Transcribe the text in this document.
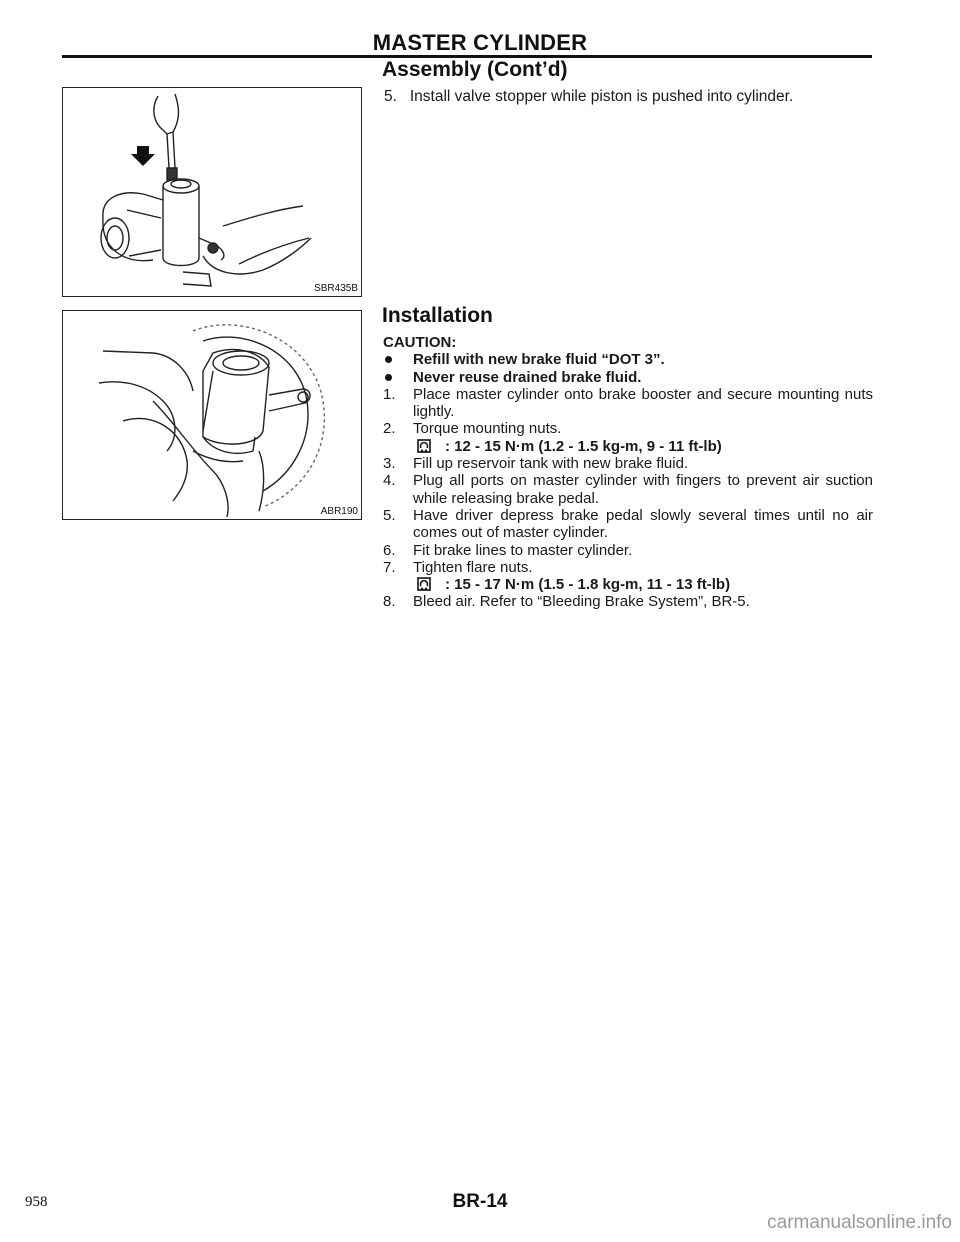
MASTER CYLINDER
Assembly (Cont’d)
SBR435B
ABR190
5. Install valve stopper while piston is pushed into cylinder.
Installation

CAUTION:

Refill with new brake fluid “DOT 3”.

Never reuse drained brake fluid.

1. Place master cylinder onto brake booster and secure mounting nuts lightly.

2. Torque mounting nuts.

: 12 - 15 N·m (1.2 - 1.5 kg-m, 9 - 11 ft-lb)

3. Fill up reservoir tank with new brake fluid.

4. Plug all ports on master cylinder with fingers to prevent air suction while releasing brake pedal.

5. Have driver depress brake pedal slowly several times until no air comes out of master cylinder.

6. Fit brake lines to master cylinder.

7. Tighten flare nuts.

: 15 - 17 N·m (1.5 - 1.8 kg-m, 11 - 13 ft-lb)

8. Bleed air. Refer to “Bleeding Brake System”, BR-5.

958	BR-14
carmanualsonline.info
